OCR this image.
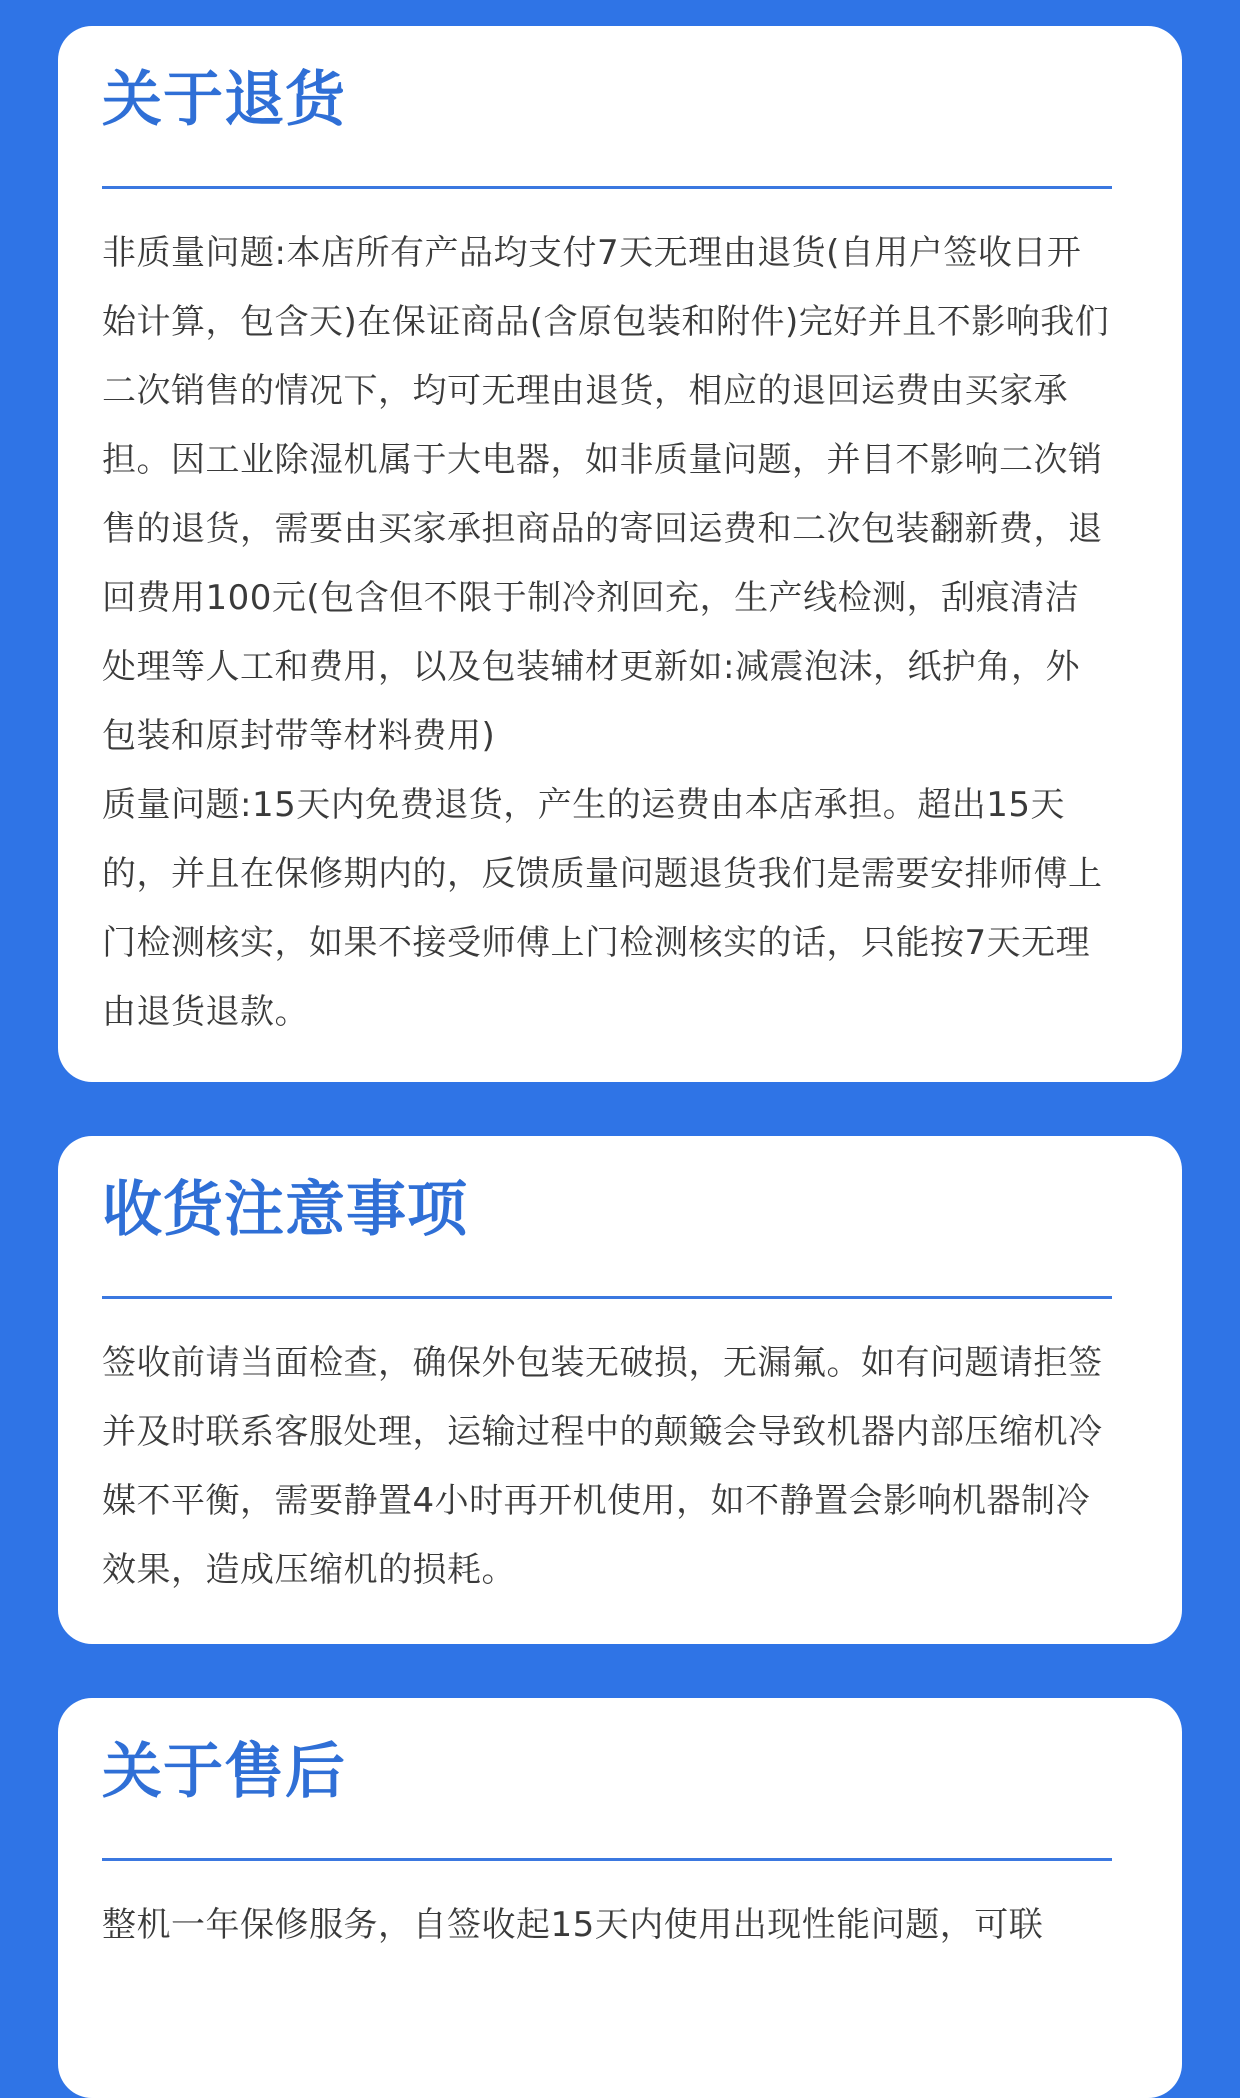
关于退货

非质量问题:本店所有产品均支付7天无理由退货(自用户签收日开始计算，包含天)在保证商品(含原包装和附件)完好并且不影响我们二次销售的情况下，均可无理由退货，相应的退回运费由买家承担。因工业除湿机属于大电器，如非质量问题，并目不影响二次销售的退货，需要由买家承担商品的寄回运费和二次包装翻新费，退回费用100元(包含但不限于制冷剂回充，生产线检测，刮痕清洁处理等人工和费用，以及包装辅材更新如:减震泡沫，纸护角，外包装和原封带等材料费用)

质量问题:15天内免费退货，产生的运费由本店承担。超出15天的，并且在保修期内的，反馈质量问题退货我们是需要安排师傅上门检测核实，如果不接受师傅上门检测核实的话，只能按7天无理由退货退款。

收货注意事项

签收前请当面检查，确保外包装无破损，无漏氟。如有问题请拒签并及时联系客服处理，运输过程中的颠簸会导致机器内部压缩机冷媒不平衡，需要静置4小时再开机使用，如不静置会影响机器制冷效果，造成压缩机的损耗。

关于售后

整机一年保修服务，自签收起15天内使用出现性能问题，可联
